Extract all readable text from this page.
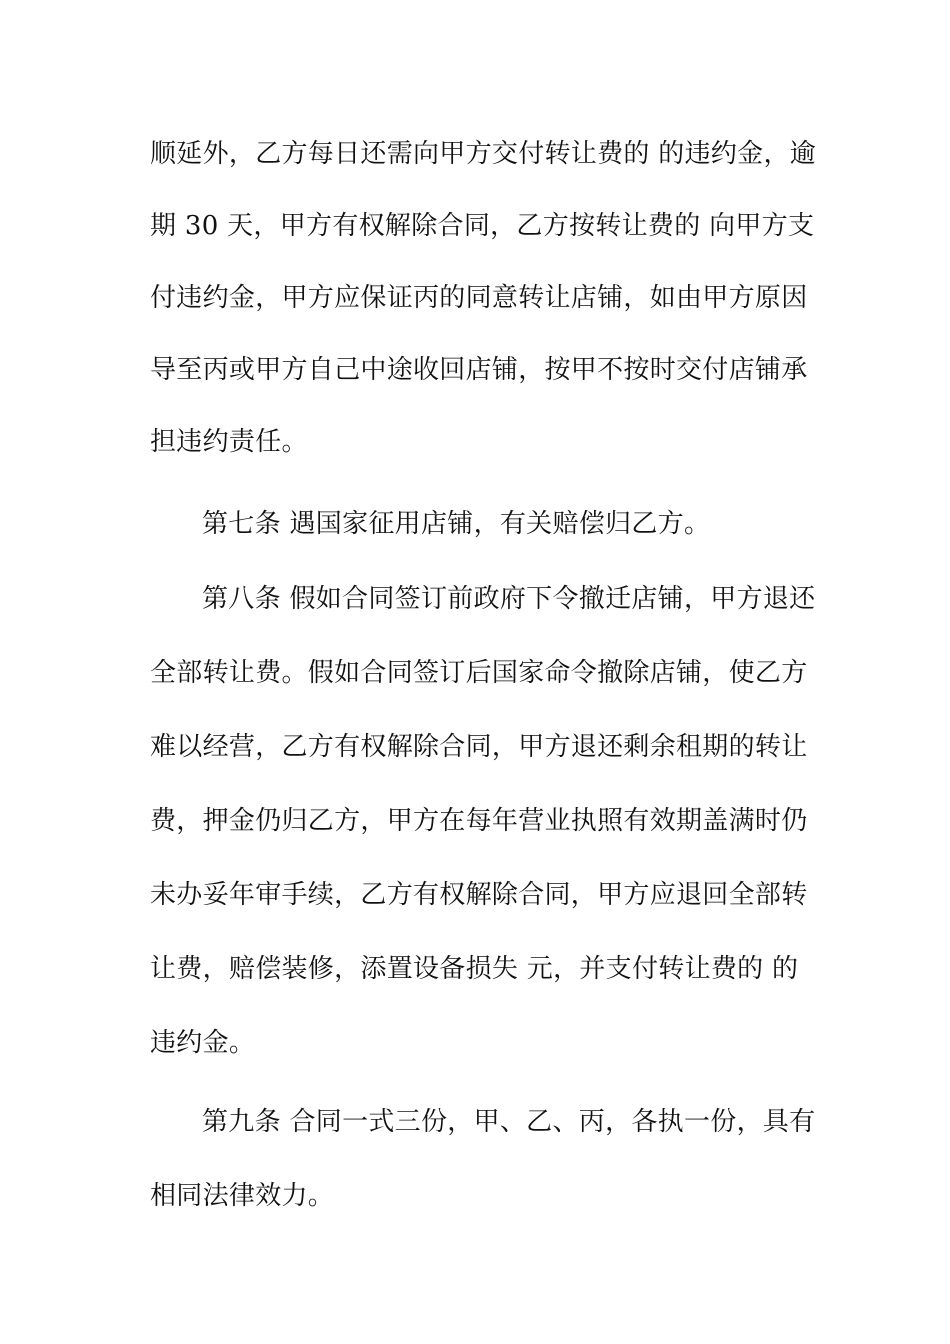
顺延外，乙方每日还需向甲方交付转让费的 的违约金，逾
期 30 天，甲方有权解除合同，乙方按转让费的 向甲方支
付违约金，甲方应保证丙的同意转让店铺，如由甲方原因
导至丙或甲方自己中途收回店铺，按甲不按时交付店铺承
担违约责任。
第七条 遇国家征用店铺，有关赔偿归乙方。
第八条 假如合同签订前政府下令撤迁店铺，甲方退还
全部转让费。假如合同签订后国家命令撤除店铺，使乙方
难以经营，乙方有权解除合同，甲方退还剩余租期的转让
费，押金仍归乙方，甲方在每年营业执照有效期盖满时仍
未办妥年审手续，乙方有权解除合同，甲方应退回全部转
让费，赔偿装修，添置设备损失 元，并支付转让费的 的
违约金。
第九条 合同一式三份，甲、乙、丙，各执一份，具有
相同法律效力。
